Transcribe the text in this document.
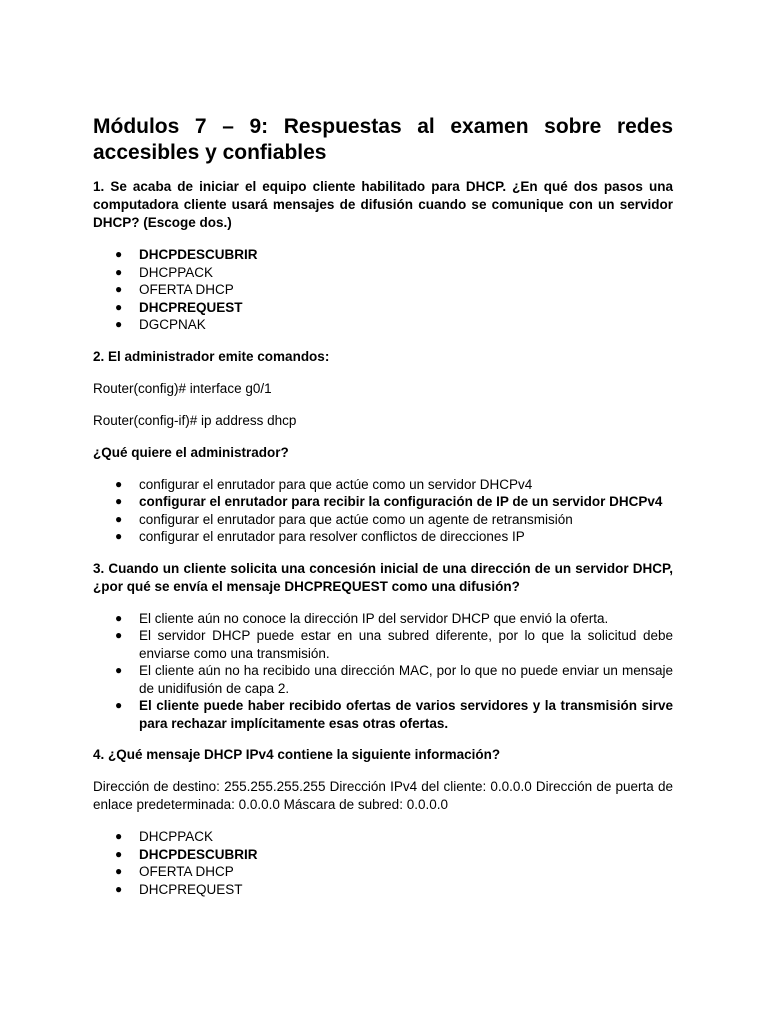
Módulos 7 – 9: Respuestas al examen sobre redes accesibles y confiables

1. Se acaba de iniciar el equipo cliente habilitado para DHCP. ¿En qué dos pasos una computadora cliente usará mensajes de difusión cuando se comunique con un servidor DHCP? (Escoge dos.)

● DHCPDESCUBRIR
● DHCPPACK
● OFERTA DHCP
● DHCPREQUEST
● DGCPNAK

2. El administrador emite comandos:

Router(config)# interface g0/1

Router(config-if)# ip address dhcp

¿Qué quiere el administrador?

● configurar el enrutador para que actúe como un servidor DHCPv4
● configurar el enrutador para recibir la configuración de IP de un servidor DHCPv4
● configurar el enrutador para que actúe como un agente de retransmisión
● configurar el enrutador para resolver conflictos de direcciones IP

3. Cuando un cliente solicita una concesión inicial de una dirección de un servidor DHCP, ¿por qué se envía el mensaje DHCPREQUEST como una difusión?

● El cliente aún no conoce la dirección IP del servidor DHCP que envió la oferta.
● El servidor DHCP puede estar en una subred diferente, por lo que la solicitud debe enviarse como una transmisión.
● El cliente aún no ha recibido una dirección MAC, por lo que no puede enviar un mensaje de unidifusión de capa 2.
● El cliente puede haber recibido ofertas de varios servidores y la transmisión sirve para rechazar implícitamente esas otras ofertas.

4. ¿Qué mensaje DHCP IPv4 contiene la siguiente información?

Dirección de destino: 255.255.255.255 Dirección IPv4 del cliente: 0.0.0.0 Dirección de puerta de enlace predeterminada: 0.0.0.0 Máscara de subred: 0.0.0.0

● DHCPPACK
● DHCPDESCUBRIR
● OFERTA DHCP
● DHCPREQUEST
